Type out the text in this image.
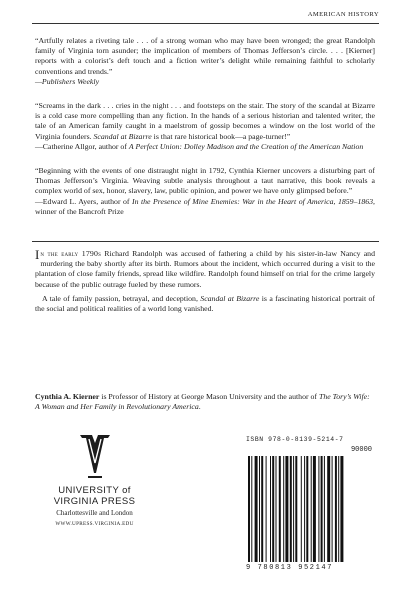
AMERICAN HISTORY

“Artfully relates a riveting tale . . . of a strong woman who may have been wronged; the great Randolph family of Virginia torn asunder; the implication of members of Thomas Jefferson’s circle. . . . [Kierner] reports with a colorist’s deft touch and a fiction writer’s delight while remaining faithful to scholarly conventions and trends.”

—Publishers Weekly

“Screams in the dark . . . cries in the night . . . and footsteps on the stair. The story of the scandal at Bizarre is a cold case more compelling than any fiction. In the hands of a serious historian and talented writer, the tale of an American family caught in a maelstrom of gossip becomes a window on the lost world of the Virginia founders. Scandal at Bizarre is that rare historical book—a page-turner!”

—Catherine Allgor, author of A Perfect Union: Dolley Madison and the Creation of the American Nation

“Beginning with the events of one distraught night in 1792, Cynthia Kierner uncovers a disturbing part of Thomas Jefferson’s Virginia. Weaving subtle analysis throughout a taut narrative, this book reveals a complex world of sex, honor, slavery, law, public opinion, and power we have only glimpsed before.”

—Edward L. Ayers, author of In the Presence of Mine Enemies: War in the Heart of America, 1859–1863, winner of the Bancroft Prize

In the early 1790s Richard Randolph was accused of fathering a child by his sister-in-law Nancy and murdering the baby shortly after its birth. Rumors about the incident, which occurred during a visit to the plantation of close family friends, spread like wildfire. Randolph found himself on trial for the crime largely because of the public outrage fueled by these rumors.

A tale of family passion, betrayal, and deception, Scandal at Bizarre is a fascinating historical portrait of the social and political realities of a world long vanished.

Cynthia A. Kierner is Professor of History at George Mason University and the author of The Tory’s Wife: A Woman and Her Family in Revolutionary America.

UNIVERSITY of
VIRGINIA PRESS
Charlottesville and London
WWW.UPRESS.VIRGINIA.EDU
ISBN 978-0-8139-5214-7
90000
9 780813 952147
